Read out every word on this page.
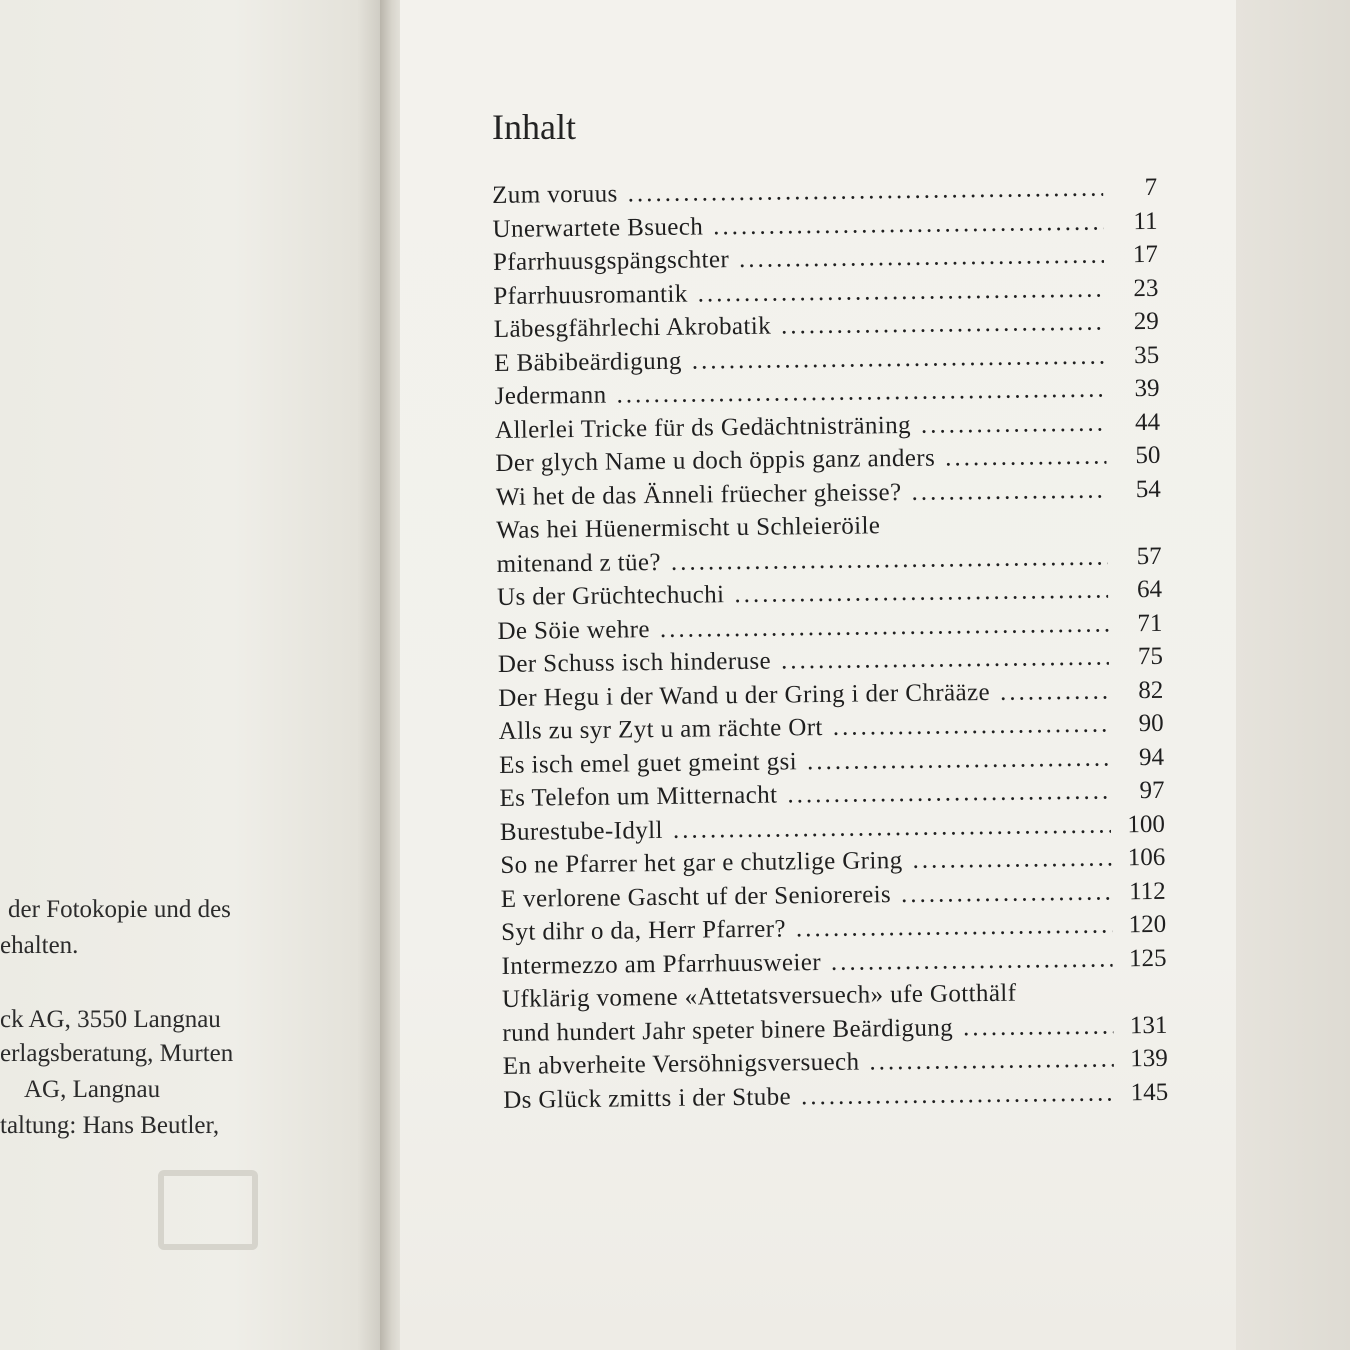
der Fotokopie und des
ehalten.
ck AG, 3550 Langnau
erlagsberatung, Murten
AG, Langnau
taltung: Hans Beutler,
Inhalt
Zum voruus .....	7
Unerwartete Bsuech .....	11
Pfarrhuusgspängschter .....	17
Pfarrhuusromantik .....	23
Läbesgfährlechi Akrobatik .....	29
E Bäbibeärdigung .....	35
Jedermann .....	39
Allerlei Tricke für ds Gedächtnisträning .....	44
Der glych Name u doch öppis ganz anders .....	50
Wi het de das Änneli früecher gheisse? .....	54
Was hei Hüenermischt u Schleieröile
mitenand z tüe? .....	57
Us der Grüchtechuchi .....	64
De Söie wehre .....	71
Der Schuss isch hinderuse .....	75
Der Hegu i der Wand u der Gring i der Chrääze .....	82
Alls zu syr Zyt u am rächte Ort .....	90
Es isch emel guet gmeint gsi .....	94
Es Telefon um Mitternacht .....	97
Burestube-Idyll .....	100
So ne Pfarrer het gar e chutzlige Gring .....	106
E verlorene Gascht uf der Seniorereis .....	112
Syt dihr o da, Herr Pfarrer? .....	120
Intermezzo am Pfarrhuusweier .....	125
Ufklärig vomene «Attetatsversuech» ufe Gotthälf
rund hundert Jahr speter binere Beärdigung .....	131
En abverheite Versöhnigsversuech .....	139
Ds Glück zmitts i der Stube .....	145
